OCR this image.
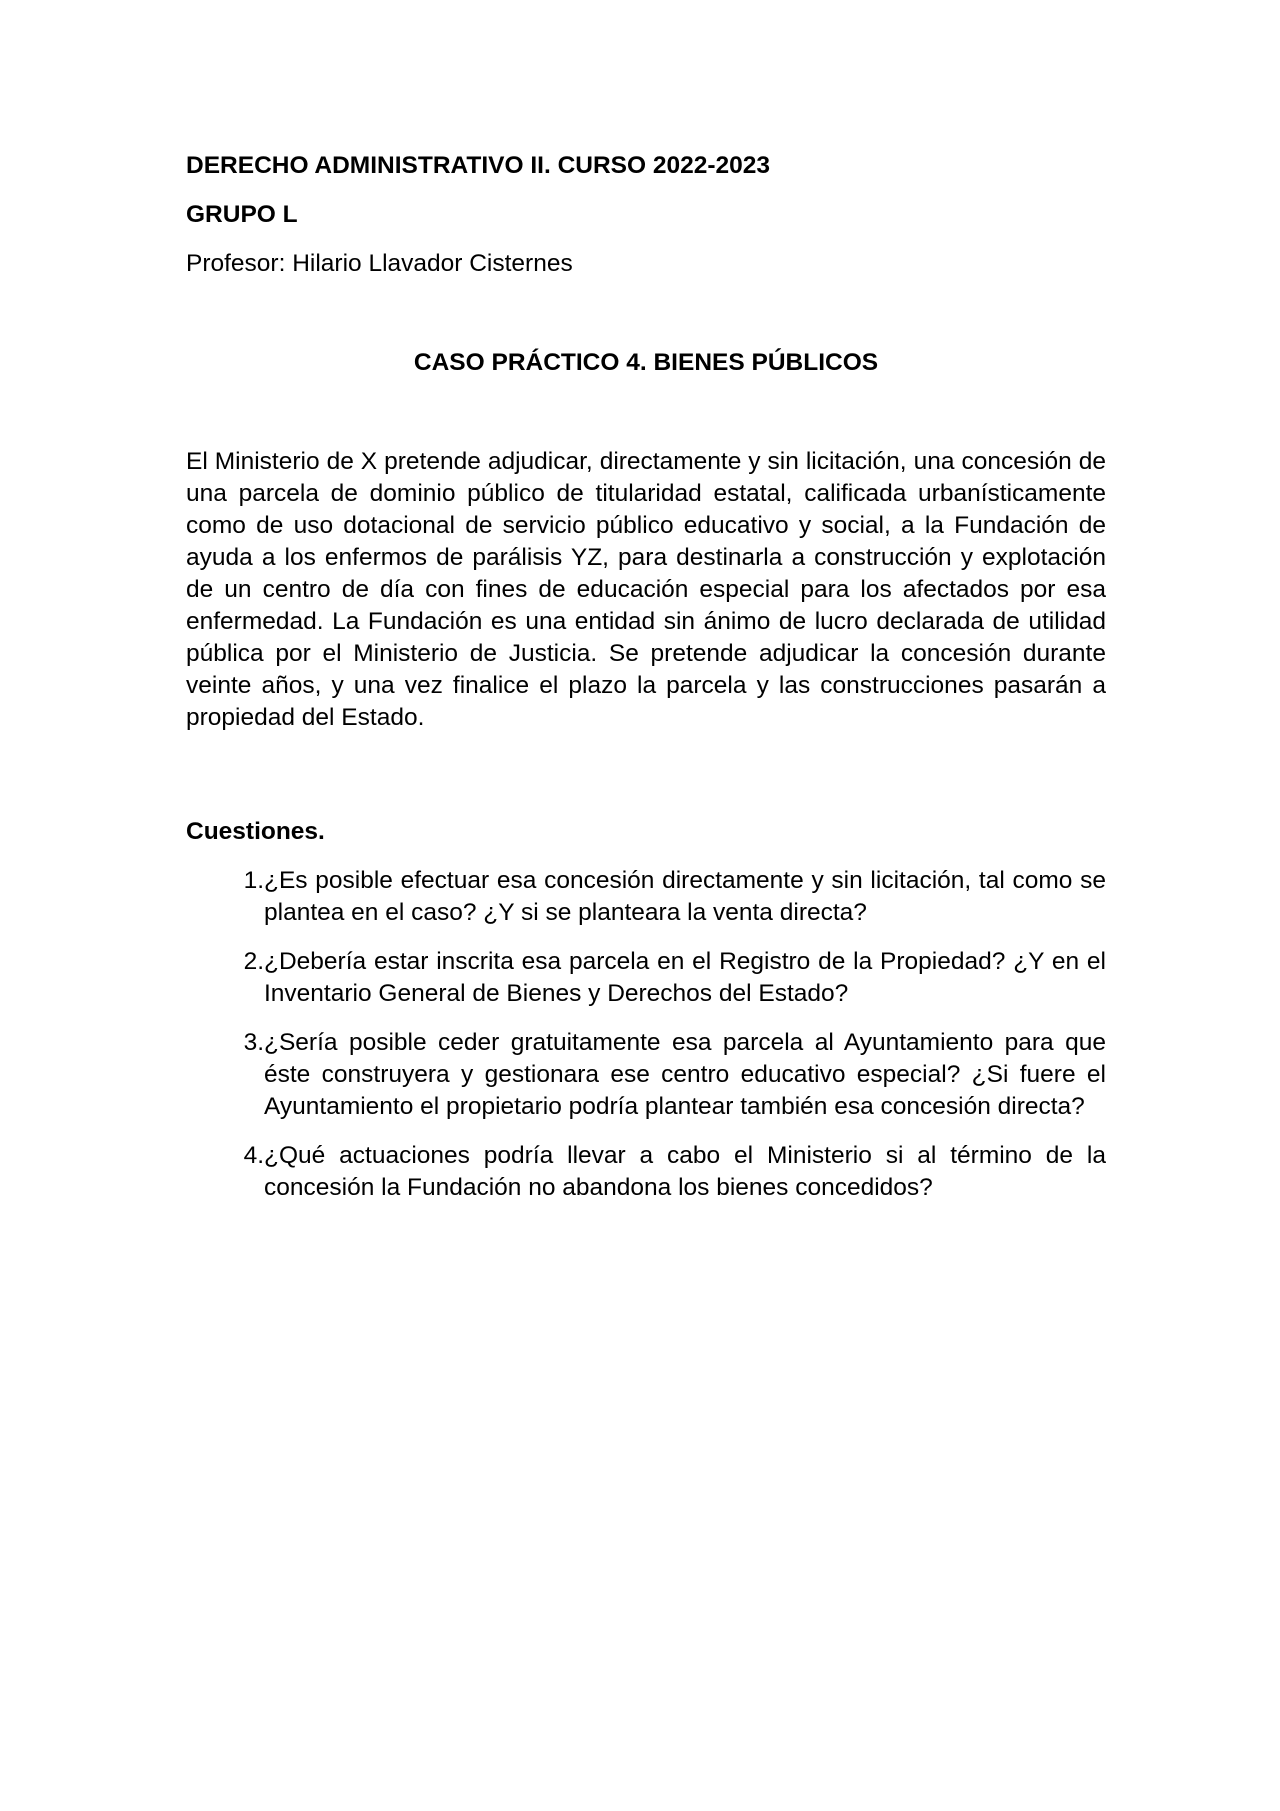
DERECHO ADMINISTRATIVO II. CURSO 2022-2023

GRUPO L

Profesor: Hilario Llavador Cisternes

CASO PRÁCTICO 4. BIENES PÚBLICOS

El Ministerio de X pretende adjudicar, directamente y sin licitación, una concesión de una parcela de dominio público de titularidad estatal, calificada urbanísticamente como de uso dotacional de servicio público educativo y social, a la Fundación de ayuda a los enfermos de parálisis YZ, para destinarla a construcción y explotación de un centro de día con fines de educación especial para los afectados por esa enfermedad. La Fundación es una entidad sin ánimo de lucro declarada de utilidad pública por el Ministerio de Justicia. Se pretende adjudicar la concesión durante veinte años, y una vez finalice el plazo la parcela y las construcciones pasarán a propiedad del Estado.

Cuestiones.

1. ¿Es posible efectuar esa concesión directamente y sin licitación, tal como se plantea en el caso? ¿Y si se planteara la venta directa?
2. ¿Debería estar inscrita esa parcela en el Registro de la Propiedad? ¿Y en el Inventario General de Bienes y Derechos del Estado?
3. ¿Sería posible ceder gratuitamente esa parcela al Ayuntamiento para que éste construyera y gestionara ese centro educativo especial? ¿Si fuere el Ayuntamiento el propietario podría plantear también esa concesión directa?
4. ¿Qué actuaciones podría llevar a cabo el Ministerio si al término de la concesión la Fundación no abandona los bienes concedidos?
